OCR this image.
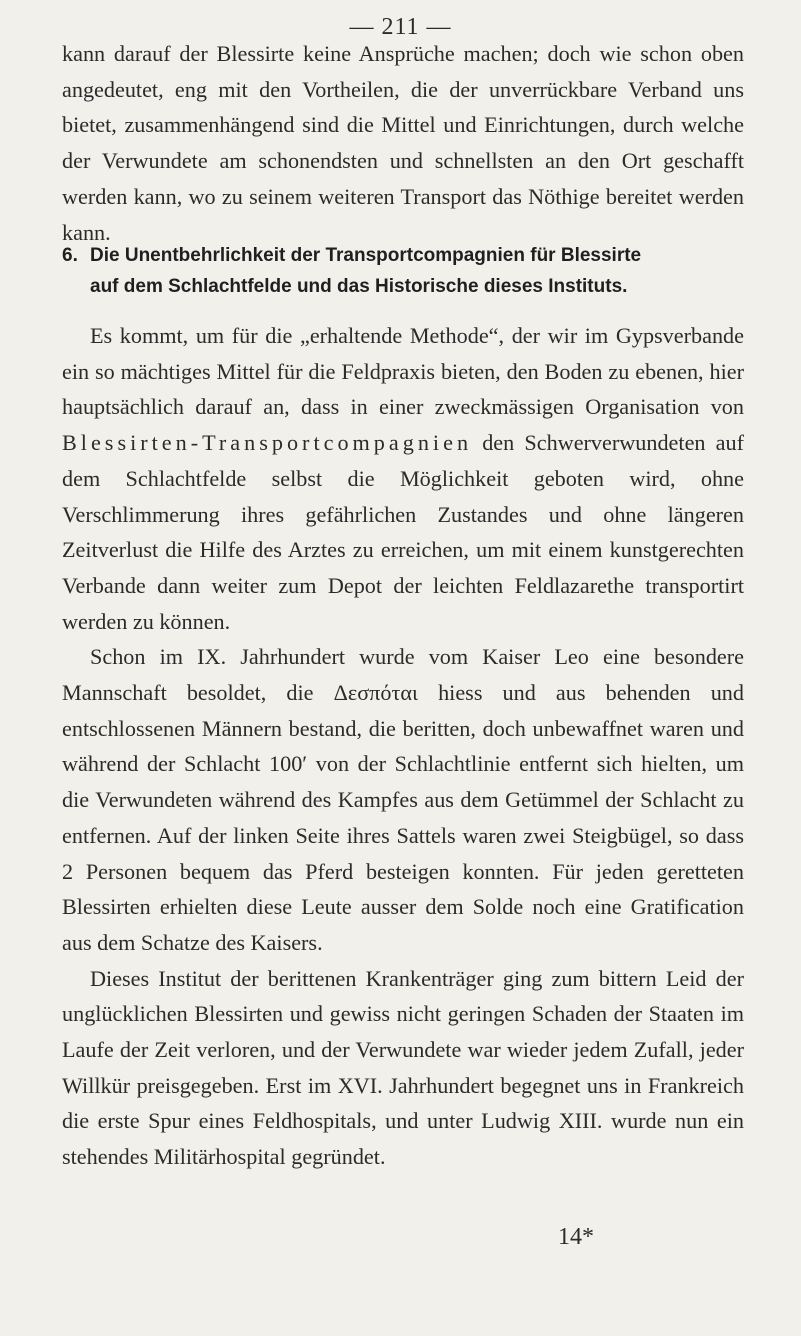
— 211 —

kann darauf der Blessirte keine Ansprüche machen; doch wie schon oben angedeutet, eng mit den Vortheilen, die der unverrückbare Verband uns bietet, zusammenhängend sind die Mittel und Einrichtungen, durch welche der Verwundete am schonendsten und schnellsten an den Ort geschafft werden kann, wo zu seinem weiteren Transport das Nöthige bereitet werden kann.

6. Die Unentbehrlichkeit der Transportcompagnien für Blessirte
auf dem Schlachtfelde und das Historische dieses Instituts.

Es kommt, um für die „erhaltende Methode“, der wir im Gypsverbande ein so mächtiges Mittel für die Feldpraxis bieten, den Boden zu ebenen, hier hauptsächlich darauf an, dass in einer zweckmässigen Organisation von Blessirten-Transportcompagnien den Schwerverwundeten auf dem Schlachtfelde selbst die Möglichkeit geboten wird, ohne Verschlimmerung ihres gefährlichen Zustandes und ohne längeren Zeitverlust die Hilfe des Arztes zu erreichen, um mit einem kunstgerechten Verbande dann weiter zum Depot der leichten Feldlazarethe transportirt werden zu können.

Schon im IX. Jahrhundert wurde vom Kaiser Leo eine besondere Mannschaft besoldet, die Δεσπόται hiess und aus behenden und entschlossenen Männern bestand, die beritten, doch unbewaffnet waren und während der Schlacht 100′ von der Schlachtlinie entfernt sich hielten, um die Verwundeten während des Kampfes aus dem Getümmel der Schlacht zu entfernen. Auf der linken Seite ihres Sattels waren zwei Steigbügel, so dass 2 Personen bequem das Pferd besteigen konnten. Für jeden geretteten Blessirten erhielten diese Leute ausser dem Solde noch eine Gratification aus dem Schatze des Kaisers.

Dieses Institut der berittenen Krankenträger ging zum bittern Leid der unglücklichen Blessirten und gewiss nicht geringen Schaden der Staaten im Laufe der Zeit verloren, und der Verwundete war wieder jedem Zufall, jeder Willkür preisgegeben. Erst im XVI. Jahrhundert begegnet uns in Frankreich die erste Spur eines Feldhospitals, und unter Ludwig XIII. wurde nun ein stehendes Militärhospital gegründet.

14*
